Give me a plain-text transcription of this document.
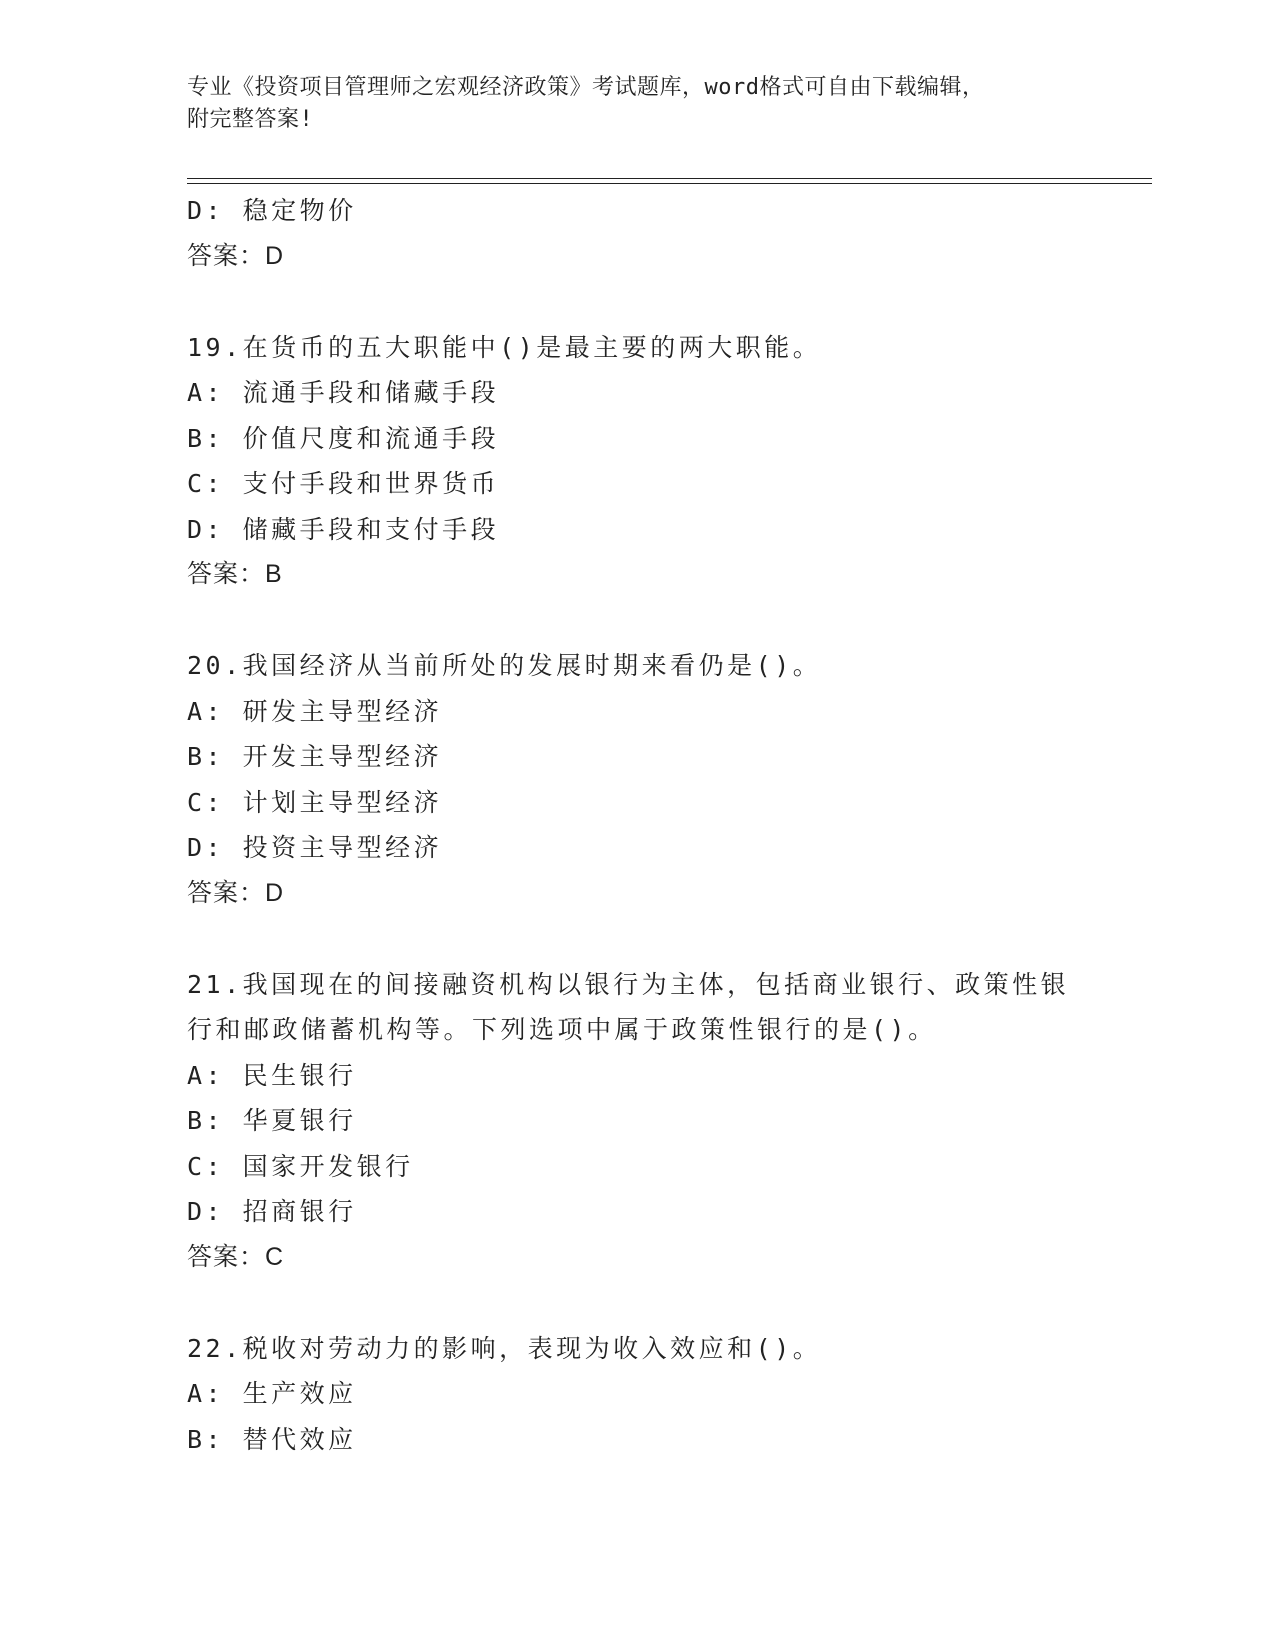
专业《投资项目管理师之宏观经济政策》考试题库，word格式可自由下载编辑，
附完整答案!
D: 稳定物价
答案：D
19.在货币的五大职能中()是最主要的两大职能。
A: 流通手段和储藏手段
B: 价值尺度和流通手段
C: 支付手段和世界货币
D: 储藏手段和支付手段
答案：B
20.我国经济从当前所处的发展时期来看仍是()。
A: 研发主导型经济
B: 开发主导型经济
C: 计划主导型经济
D: 投资主导型经济
答案：D
21.我国现在的间接融资机构以银行为主体，包括商业银行、政策性银
行和邮政储蓄机构等。下列选项中属于政策性银行的是()。
A: 民生银行
B: 华夏银行
C: 国家开发银行
D: 招商银行
答案：C
22.税收对劳动力的影响，表现为收入效应和()。
A: 生产效应
B: 替代效应
